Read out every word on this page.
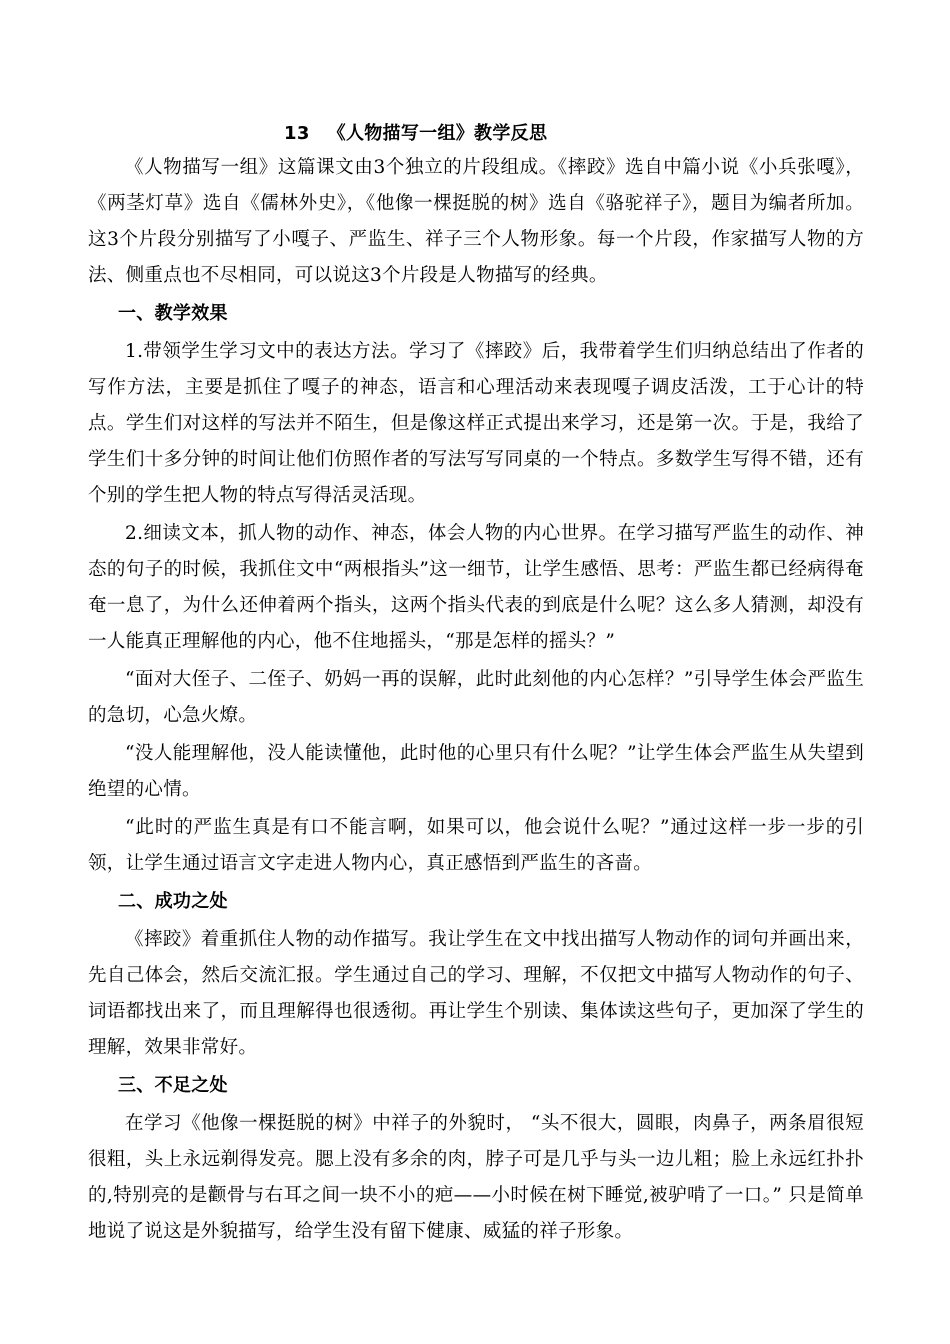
13 《人物描写一组》教学反思

《人物描写一组》这篇课文由3个独立的片段组成。《摔跤》选自中篇小说《小兵张嘎》，《两茎灯草》选自《儒林外史》，《他像一棵挺脱的树》选自《骆驼祥子》，题目为编者所加。这3个片段分别描写了小嘎子、严监生、祥子三个人物形象。每一个片段，作家描写人物的方法、侧重点也不尽相同，可以说这3个片段是人物描写的经典。

一、教学效果

1.带领学生学习文中的表达方法。学习了《摔跤》后，我带着学生们归纳总结出了作者的写作方法，主要是抓住了嘎子的神态，语言和心理活动来表现嘎子调皮活泼，工于心计的特点。学生们对这样的写法并不陌生，但是像这样正式提出来学习，还是第一次。于是，我给了学生们十多分钟的时间让他们仿照作者的写法写写同桌的一个特点。多数学生写得不错，还有个别的学生把人物的特点写得活灵活现。

2.细读文本，抓人物的动作、神态，体会人物的内心世界。在学习描写严监生的动作、神态的句子的时候，我抓住文中“两根指头”这一细节，让学生感悟、思考：严监生都已经病得奄奄一息了，为什么还伸着两个指头，这两个指头代表的到底是什么呢？这么多人猜测，却没有一人能真正理解他的内心，他不住地摇头，“那是怎样的摇头？”

“面对大侄子、二侄子、奶妈一再的误解，此时此刻他的内心怎样？”引导学生体会严监生的急切，心急火燎。

“没人能理解他，没人能读懂他，此时他的心里只有什么呢？”让学生体会严监生从失望到绝望的心情。

“此时的严监生真是有口不能言啊，如果可以，他会说什么呢？”通过这样一步一步的引领，让学生通过语言文字走进人物内心，真正感悟到严监生的吝啬。

二、成功之处

《摔跤》着重抓住人物的动作描写。我让学生在文中找出描写人物动作的词句并画出来，先自己体会，然后交流汇报。学生通过自己的学习、理解，不仅把文中描写人物动作的句子、词语都找出来了，而且理解得也很透彻。再让学生个别读、集体读这些句子，更加深了学生的理解，效果非常好。

三、不足之处

在学习《他像一棵挺脱的树》中祥子的外貌时， “头不很大，圆眼，肉鼻子，两条眉很短很粗，头上永远剃得发亮。腮上没有多余的肉，脖子可是几乎与头一边儿粗；脸上永远红扑扑的,特别亮的是颧骨与右耳之间一块不小的疤——小时候在树下睡觉,被驴啃了一口。” 只是简单地说了说这是外貌描写，给学生没有留下健康、威猛的祥子形象。
